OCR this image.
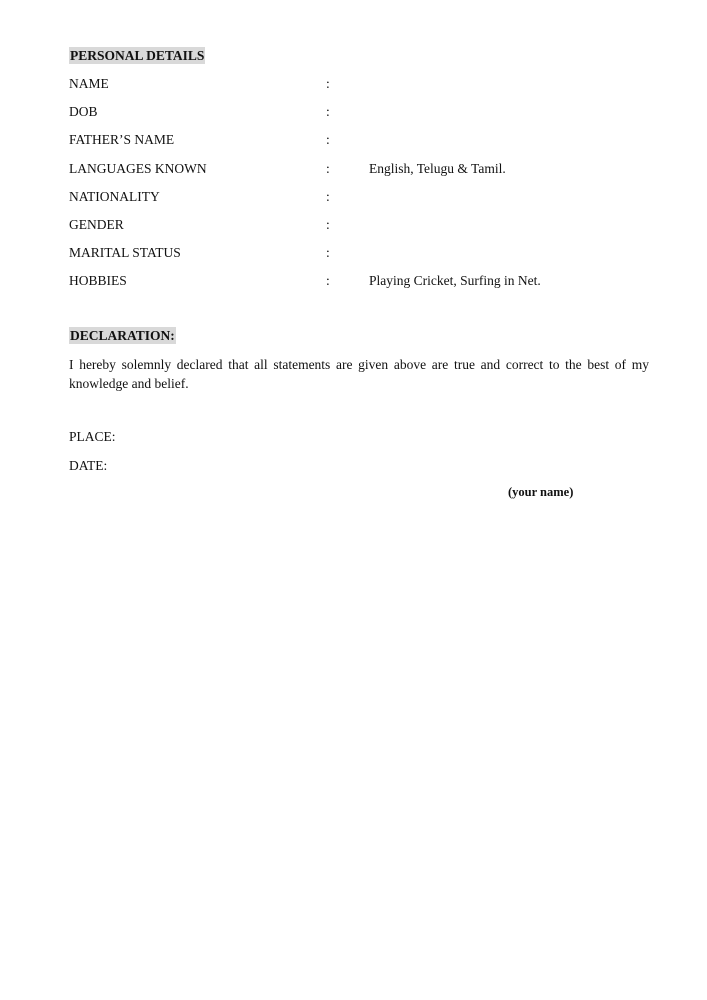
PERSONAL DETAILS
NAME	:
DOB	:
FATHER’S NAME	:
LANGUAGES KNOWN	:	English, Telugu & Tamil.
NATIONALITY	:
GENDER	:
MARITAL STATUS	:
HOBBIES	:	Playing Cricket, Surfing in Net.
DECLARATION:
I hereby solemnly declared that all statements are given above are true and correct to the best of my knowledge and belief.
PLACE:
DATE:
(your name)
